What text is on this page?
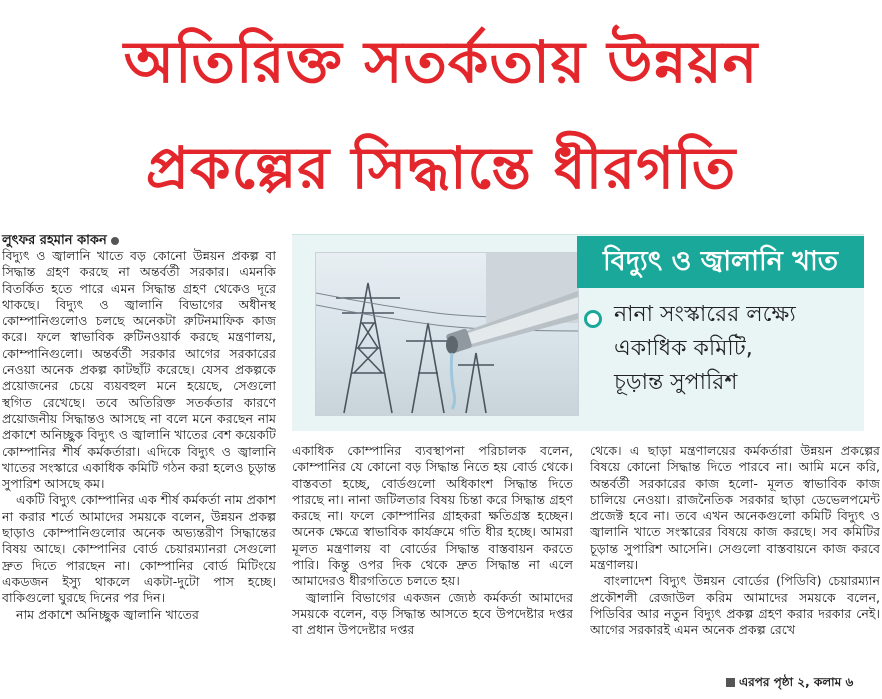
অতিরিক্ত সতর্কতায় উন্নয়ন
প্রকল্পের সিদ্ধান্তে ধীরগতি
লুৎফর রহমান কাকন

বিদ্যুৎ ও জ্বালানি খাতে বড় কোনো উন্নয়ন প্রকল্প বা সিদ্ধান্ত গ্রহণ করছে না অন্তর্বর্তী সরকার। এমনকি বিতর্কিত হতে পারে এমন সিদ্ধান্ত গ্রহণ থেকেও দূরে থাকছে। বিদ্যুৎ ও জ্বালানি বিভাগের অধীনস্থ কোম্পানিগুলোও চলছে অনেকটা রুটিনমাফিক কাজ করে। ফলে স্বাভাবিক রুটিনওয়ার্ক করছে মন্ত্রণালয়, কোম্পানিগুলো। অন্তর্বর্তী সরকার আগের সরকারের নেওয়া অনেক প্রকল্প কাটছাঁট করেছে। যেসব প্রকল্পকে প্রয়োজনের চেয়ে ব্যয়বহুল মনে হয়েছে, সেগুলো স্থগিত রেখেছে। তবে অতিরিক্ত সতর্কতার কারণে প্রয়োজনীয় সিদ্ধান্তও আসছে না বলে মনে করছেন নাম প্রকাশে অনিচ্ছুক বিদ্যুৎ ও জ্বালানি খাতের বেশ কয়েকটি কোম্পানির শীর্ষ কর্মকর্তারা। এদিকে বিদ্যুৎ ও জ্বালানি খাতের সংস্কারে একাধিক কমিটি গঠন করা হলেও চূড়ান্ত সুপারিশ আসছে কম।

একটি বিদ্যুৎ কোম্পানির এক শীর্ষ কর্মকর্তা নাম প্রকাশ না করার শর্তে আমাদের সময়কে বলেন, উন্নয়ন প্রকল্প ছাড়াও কোম্পানিগুলোর অনেক অভ্যন্তরীণ সিদ্ধান্তের বিষয় আছে। কোম্পানির বোর্ড চেয়ারম্যানরা সেগুলো দ্রুত দিতে পারছেন না। কোম্পানির বোর্ড মিটিংয়ে একডজন ইস্যু থাকলে একটা-দুটো পাস হচ্ছে। বাকিগুলো ঘুরছে দিনের পর দিন।

নাম প্রকাশে অনিচ্ছুক জ্বালানি খাতের

বিদ্যুৎ ও জ্বালানি খাত
নানা সংস্কারের লক্ষ্যে
একাধিক কমিটি,
চূড়ান্ত সুপারিশ

একাধিক কোম্পানির ব্যবস্থাপনা পরিচালক বলেন, কোম্পানির যে কোনো বড় সিদ্ধান্ত নিতে হয় বোর্ড থেকে। বাস্তবতা হচ্ছে, বোর্ডগুলো অধিকাংশ সিদ্ধান্ত দিতে পারছে না। নানা জটিলতার বিষয় চিন্তা করে সিদ্ধান্ত গ্রহণ করছে না। ফলে কোম্পানির গ্রাহকরা ক্ষতিগ্রস্ত হচ্ছেন। অনেক ক্ষেত্রে স্বাভাবিক কার্যক্রমে গতি ধীর হচ্ছে। আমরা মূলত মন্ত্রণালয় বা বোর্ডের সিদ্ধান্ত বাস্তবায়ন করতে পারি। কিন্তু ওপর দিক থেকে দ্রুত সিদ্ধান্ত না এলে আমাদেরও ধীরগতিতে চলতে হয়।

জ্বালানি বিভাগের একজন জ্যেষ্ঠ কর্মকর্তা আমাদের সময়কে বলেন, বড় সিদ্ধান্ত আসতে হবে উপদেষ্টার দপ্তর বা প্রধান উপদেষ্টার দপ্তর

থেকে। এ ছাড়া মন্ত্রণালয়ের কর্মকর্তারা উন্নয়ন প্রকল্পের বিষয়ে কোনো সিদ্ধান্ত দিতে পারবে না। আমি মনে করি, অন্তর্বর্তী সরকারের কাজ হলো- মূলত স্বাভাবিক কাজ চালিয়ে নেওয়া। রাজনৈতিক সরকার ছাড়া ডেভেলপমেন্ট প্রজেক্ট হবে না। তবে এখন অনেকগুলো কমিটি বিদ্যুৎ ও জ্বালানি খাতে সংস্কারের বিষয়ে কাজ করছে। সব কমিটির চূড়ান্ত সুপারিশ আসেনি। সেগুলো বাস্তবায়নে কাজ করবে মন্ত্রণালয়।

বাংলাদেশ বিদ্যুৎ উন্নয়ন বোর্ডের (পিডিবি) চেয়ারম্যান প্রকৌশলী রেজাউল করিম আমাদের সময়কে বলেন, পিডিবির আর নতুন বিদ্যুৎ প্রকল্প গ্রহণ করার দরকার নেই। আগের সরকারই এমন অনেক প্রকল্প রেখে

এরপর পৃষ্ঠা ২, কলাম ৬
